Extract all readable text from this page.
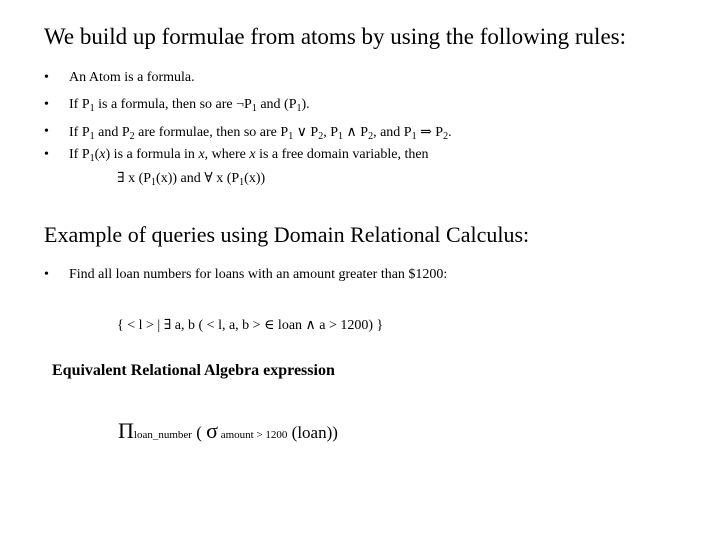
We build up formulae from atoms by using the following rules:
• An Atom is a formula.
• If $P_1$ is a formula, then so are $\neg P_1$ and $(P_1)$.
• If $P_1$ and $P_2$ are formulae, then so are $P_1$ ∨ $P_2$, $P_1$ ∧ $P_2$, and $P_1$ ⇒ $P_2$.
• If $P_1(x)$ is a formula in x, where x is a free domain variable, then
∃ x $(P_1(x))$ and ∀ x $(P_1(x))$
Example of queries using Domain Relational Calculus:
• Find all loan numbers for loans with an amount greater than $1200:
{ < l > | ∃ a, b ( < l, a, b > ∈ loan ∧ a > 1200) }
Equivalent Relational Algebra expression
Πloan_number ( σ amount > 1200 (loan))
